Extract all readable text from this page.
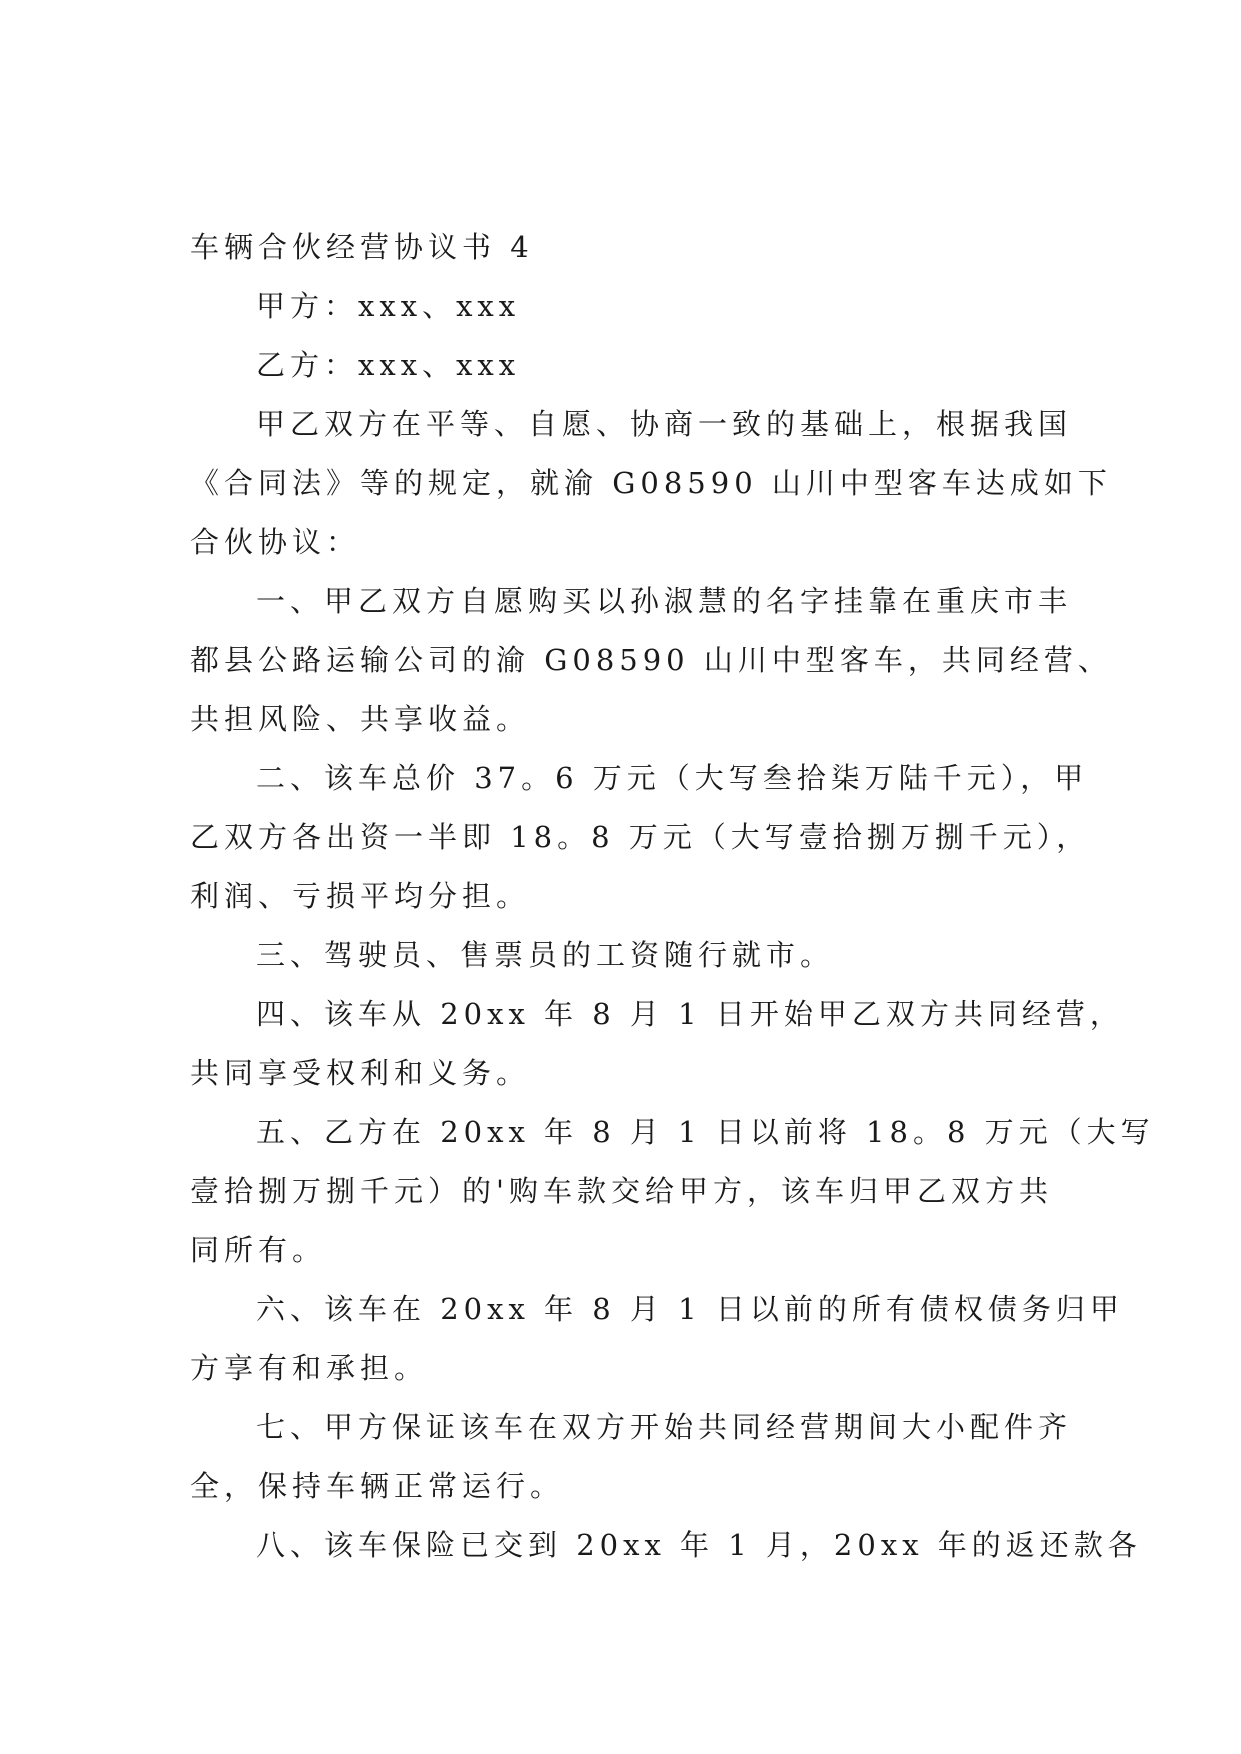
车辆合伙经营协议书 4

甲方：xxx、xxx

乙方：xxx、xxx

甲乙双方在平等、自愿、协商一致的基础上，根据我国

《合同法》等的规定，就渝 G08590 山川中型客车达成如下

合伙协议：

一、甲乙双方自愿购买以孙淑慧的名字挂靠在重庆市丰

都县公路运输公司的渝 G08590 山川中型客车，共同经营、

共担风险、共享收益。

二、该车总价 37。6 万元（大写叁拾柒万陆千元），甲

乙双方各出资一半即 18。8 万元（大写壹拾捌万捌千元），

利润、亏损平均分担。

三、驾驶员、售票员的工资随行就市。

四、该车从 20xx 年 8 月 1 日开始甲乙双方共同经营，

共同享受权利和义务。

五、乙方在 20xx 年 8 月 1 日以前将 18。8 万元（大写

壹拾捌万捌千元）的'购车款交给甲方，该车归甲乙双方共

同所有。

六、该车在 20xx 年 8 月 1 日以前的所有债权债务归甲

方享有和承担。

七、甲方保证该车在双方开始共同经营期间大小配件齐

全，保持车辆正常运行。

八、该车保险已交到 20xx 年 1 月，20xx 年的返还款各
